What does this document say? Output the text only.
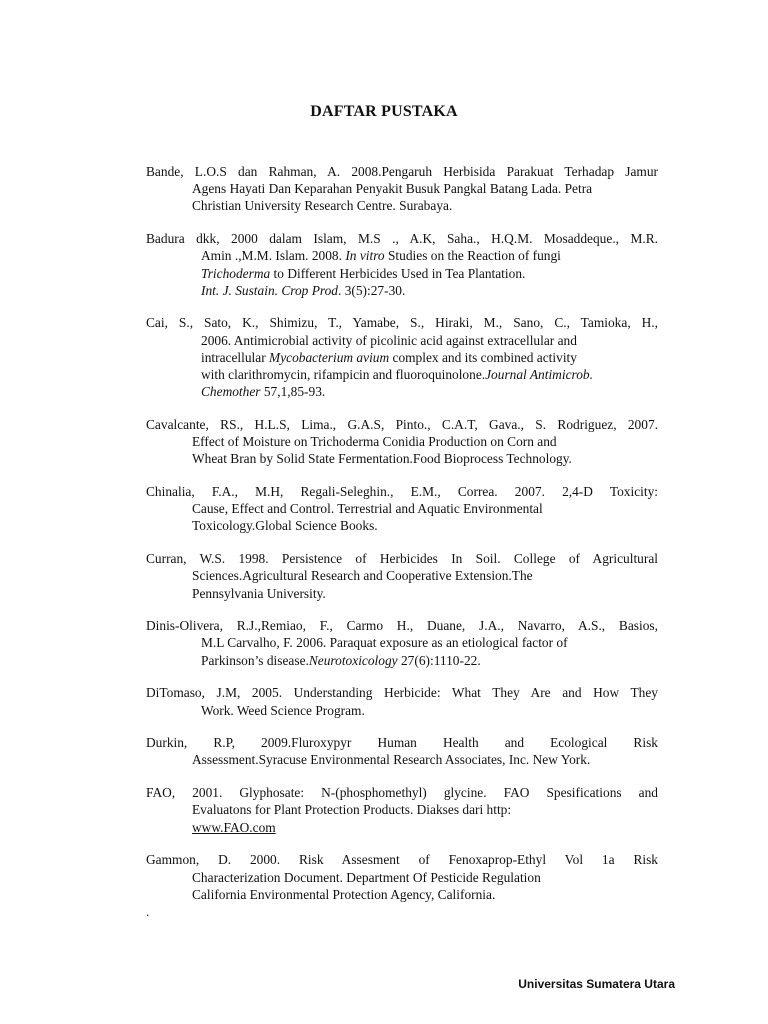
DAFTAR PUSTAKA
Bande, L.O.S dan Rahman, A. 2008.Pengaruh Herbisida Parakuat Terhadap Jamur
Agens Hayati Dan Keparahan Penyakit Busuk Pangkal Batang Lada. Petra
Christian University Research Centre. Surabaya.
Badura dkk, 2000 dalam Islam, M.S ., A.K, Saha., H.Q.M. Mosaddeque., M.R.
Amin .,M.M. Islam. 2008. In vitro Studies on the Reaction of fungi
Trichoderma to Different Herbicides Used in Tea Plantation.
Int. J. Sustain. Crop Prod. 3(5):27-30.
Cai, S., Sato, K., Shimizu, T., Yamabe, S., Hiraki, M., Sano, C., Tamioka, H.,
2006. Antimicrobial activity of picolinic acid against extracellular and
intracellular Mycobacterium avium complex and its combined activity
with clarithromycin, rifampicin and fluoroquinolone.Journal Antimicrob.
Chemother 57,1,85-93.
Cavalcante, RS., H.L.S, Lima., G.A.S, Pinto., C.A.T, Gava., S. Rodriguez, 2007.
Effect of Moisture on Trichoderma Conidia Production on Corn and
Wheat Bran by Solid State Fermentation.Food Bioprocess Technology.
Chinalia, F.A., M.H, Regali-Seleghin., E.M., Correa. 2007. 2,4-D Toxicity:
Cause, Effect and Control. Terrestrial and Aquatic Environmental
Toxicology.Global Science Books.
Curran, W.S. 1998. Persistence of Herbicides In Soil. College of Agricultural
Sciences.Agricultural Research and Cooperative Extension.The
Pennsylvania University.
Dinis-Olivera, R.J.,Remiao, F., Carmo H., Duane, J.A., Navarro, A.S., Basios,
M.L Carvalho, F. 2006. Paraquat exposure as an etiological factor of
Parkinson’s disease.Neurotoxicology 27(6):1110-22.
DiTomaso, J.M, 2005. Understanding Herbicide: What They Are and How They
Work. Weed Science Program.
Durkin, R.P, 2009.Fluroxypyr Human Health and Ecological Risk
Assessment.Syracuse Environmental Research Associates, Inc. New York.
FAO, 2001. Glyphosate: N-(phosphomethyl) glycine. FAO Spesifications and
Evaluatons for Plant Protection Products. Diakses dari http:
www.FAO.com
Gammon, D. 2000. Risk Assesment of Fenoxaprop-Ethyl Vol 1a Risk
Characterization Document. Department Of Pesticide Regulation
California Environmental Protection Agency, California.
.
Universitas Sumatera Utara
